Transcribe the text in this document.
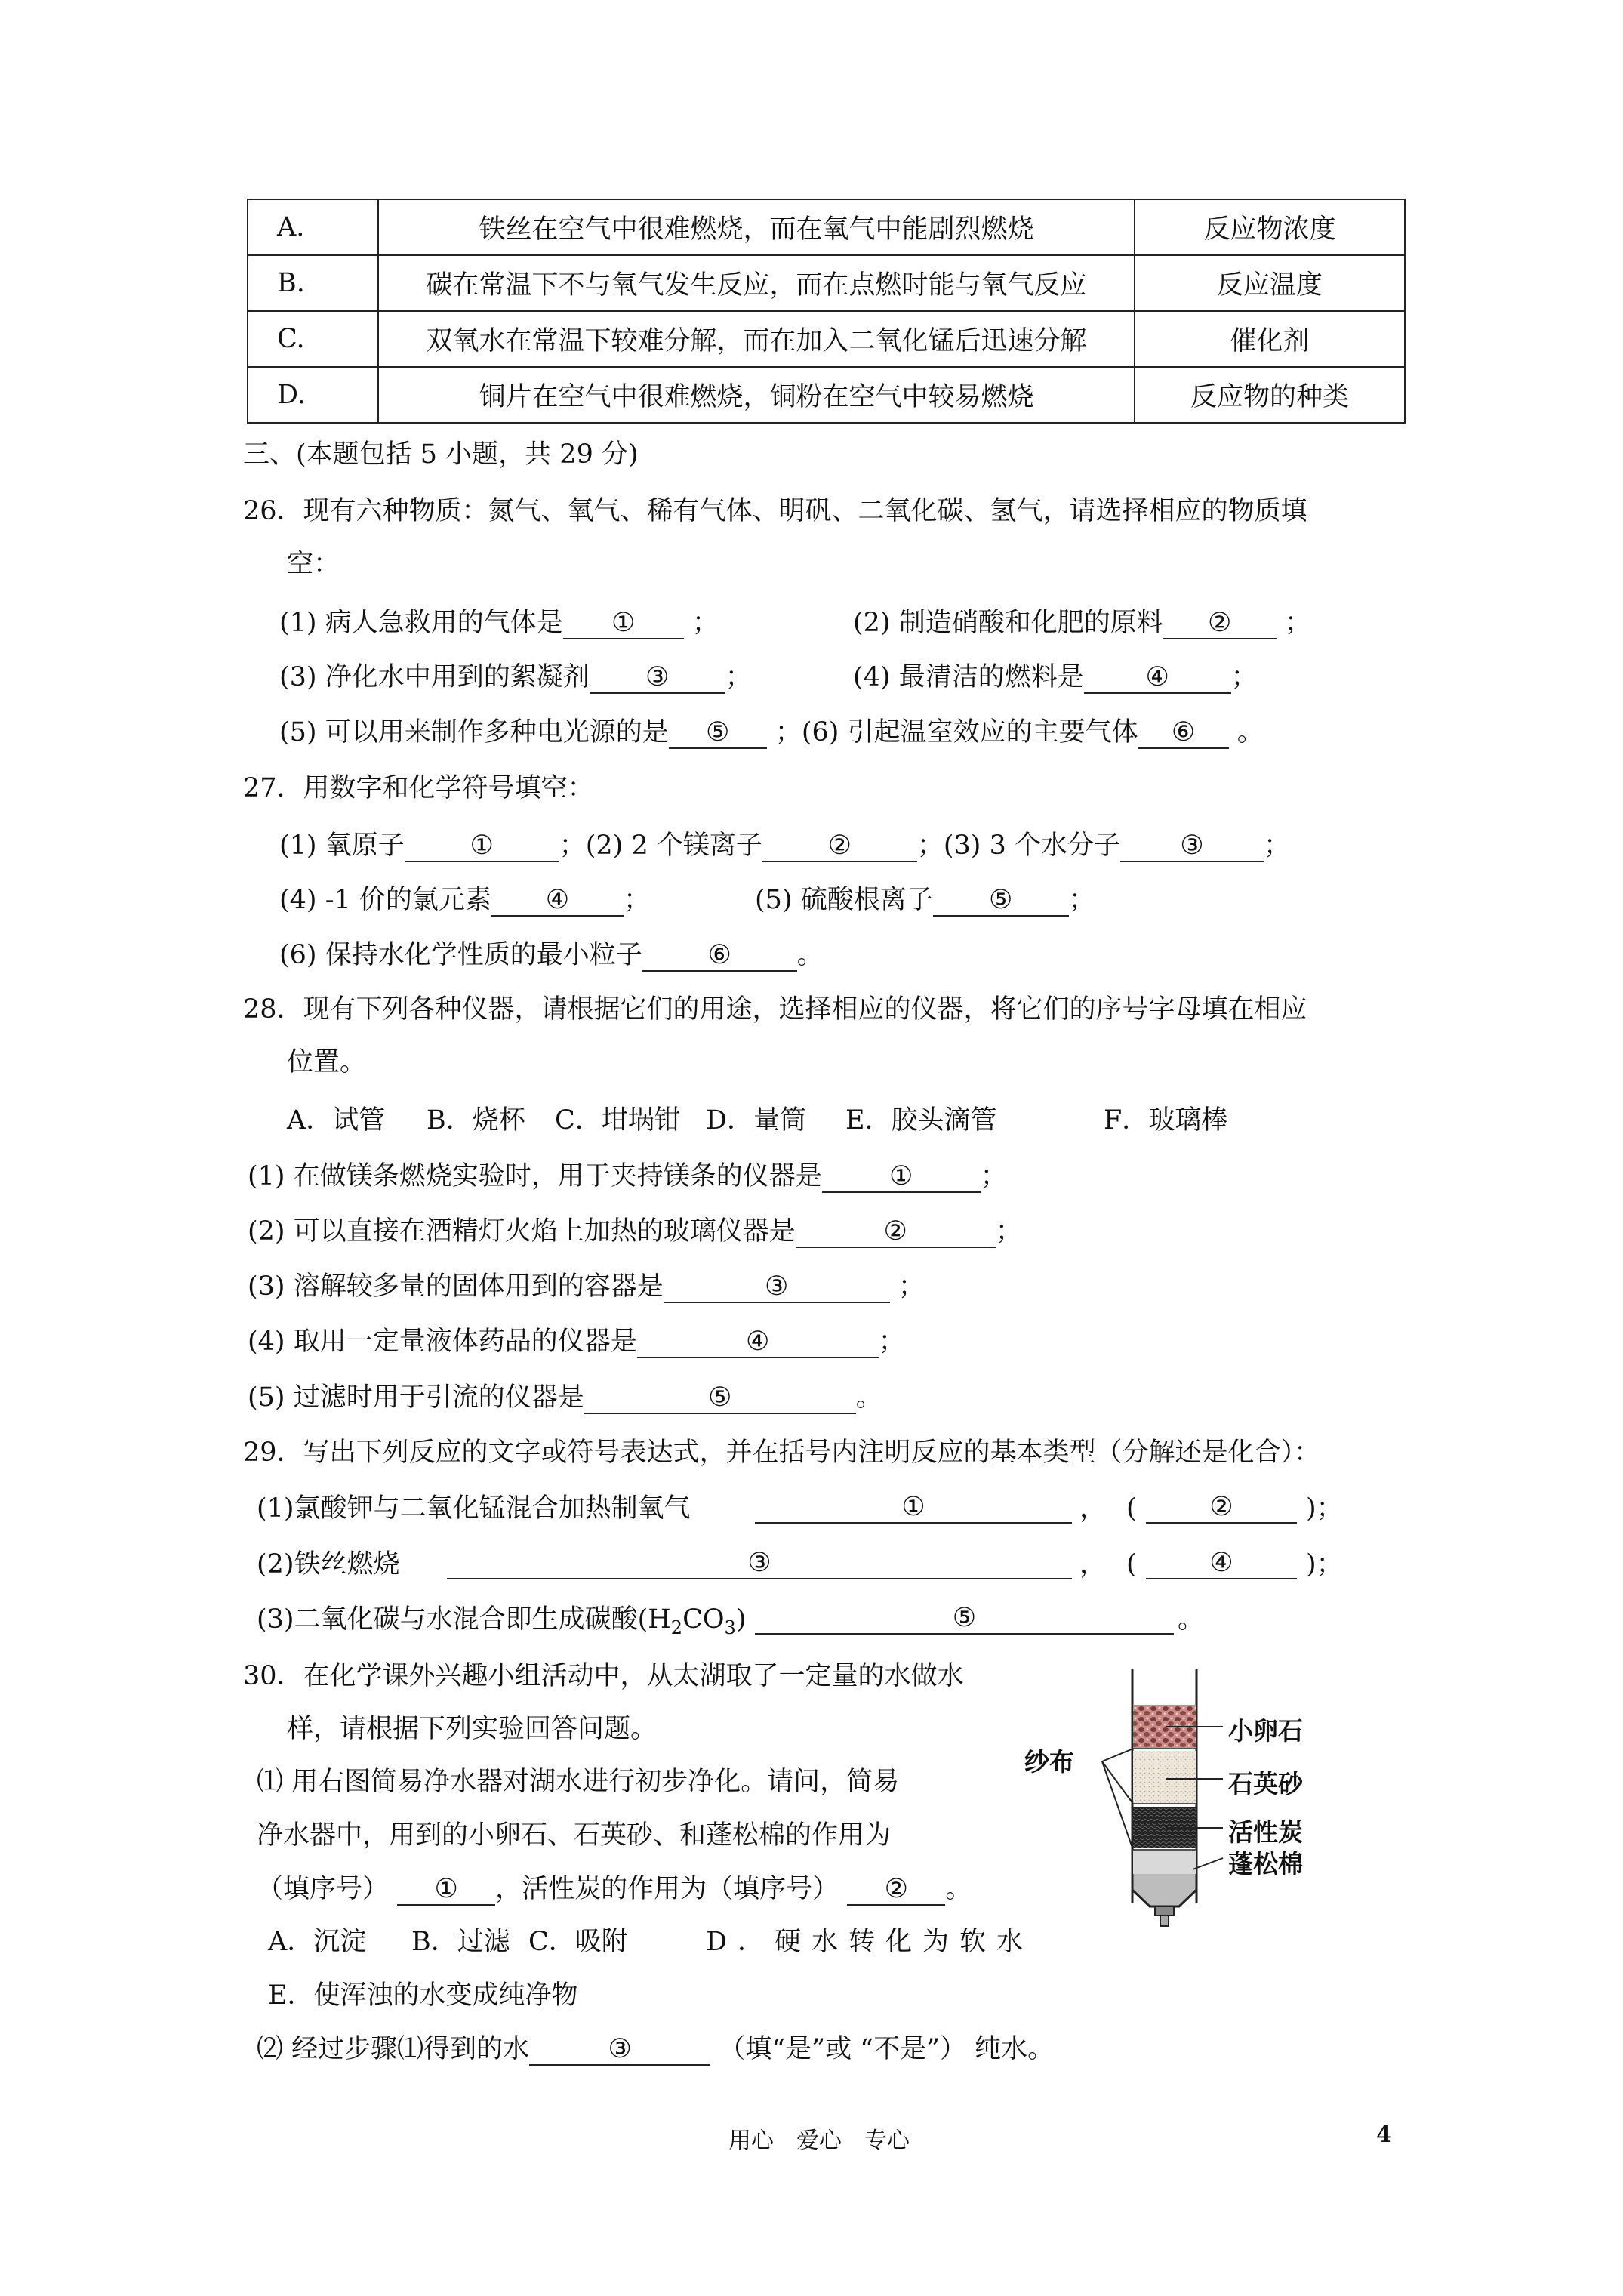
A.	铁丝在空气中很难燃烧，而在氧气中能剧烈燃烧	反应物浓度
B.	碳在常温下不与氧气发生反应，而在点燃时能与氧气反应	反应温度
C.	双氧水在常温下较难分解，而在加入二氧化锰后迅速分解	催化剂
D.	铜片在空气中很难燃烧，铜粉在空气中较易燃烧	反应物的种类
三、(本题包括 5 小题，共 29 分)
26．现有六种物质：氮气、氧气、稀有气体、明矾、二氧化碳、氢气，请选择相应的物质填
空：
(1) 病人急救用的气体是 ① ；	(2) 制造硝酸和化肥的原料 ② ；
(3) 净化水中用到的絮凝剂 ③ ；	(4) 最清洁的燃料是 ④ ；
(5) 可以用来制作多种电光源的是 ⑤ ；(6) 引起温室效应的主要气体 ⑥ 。
27．用数字和化学符号填空：
(1) 氧原子 ① ；(2) 2 个镁离子 ② ；(3) 3 个水分子 ③ ；
(4) -1 价的氯元素 ④ ；	(5) 硫酸根离子 ⑤ ；
(6) 保持水化学性质的最小粒子 ⑥ 。
28．现有下列各种仪器，请根据它们的用途，选择相应的仪器，将它们的序号字母填在相应
位置。
A．试管 B．烧杯 C．坩埚钳 D．量筒 E．胶头滴管	F．玻璃棒
(1) 在做镁条燃烧实验时，用于夹持镁条的仪器是	①	；
(2) 可以直接在酒精灯火焰上加热的玻璃仪器是	②	；
(3) 溶解较多量的固体用到的容器是	③	；
(4) 取用一定量液体药品的仪器是	④	；
(5) 过滤时用于引流的仪器是	⑤	。
29．写出下列反应的文字或符号表达式，并在括号内注明反应的基本类型（分解还是化合）：
(1)氯酸钾与二氧化锰混合加热制氧气	①	， (	②	)；
(2)铁丝燃烧	③	， (	④	)；
(3)二氧化碳与水混合即生成碳酸$(H_2CO_3)$	⑤	。
30．在化学课外兴趣小组活动中，从太湖取了一定量的水做水
样，请根据下列实验回答问题。
⑴ 用右图简易净水器对湖水进行初步净化。请问，简易
净水器中，用到的小卵石、石英砂、和蓬松棉的作用为
（填序号） ① ，活性炭的作用为（填序号） ② 。
A．沉淀 B．过滤 C．吸附	D．硬水转化为软水
E．使浑浊的水变成纯净物
⑵ 经过步骤⑴得到的水	③	（填“是”或 “不是”） 纯水。
纱布
小卵石
石英砂
活性炭
蓬松棉
用心　爱心　专心	4
